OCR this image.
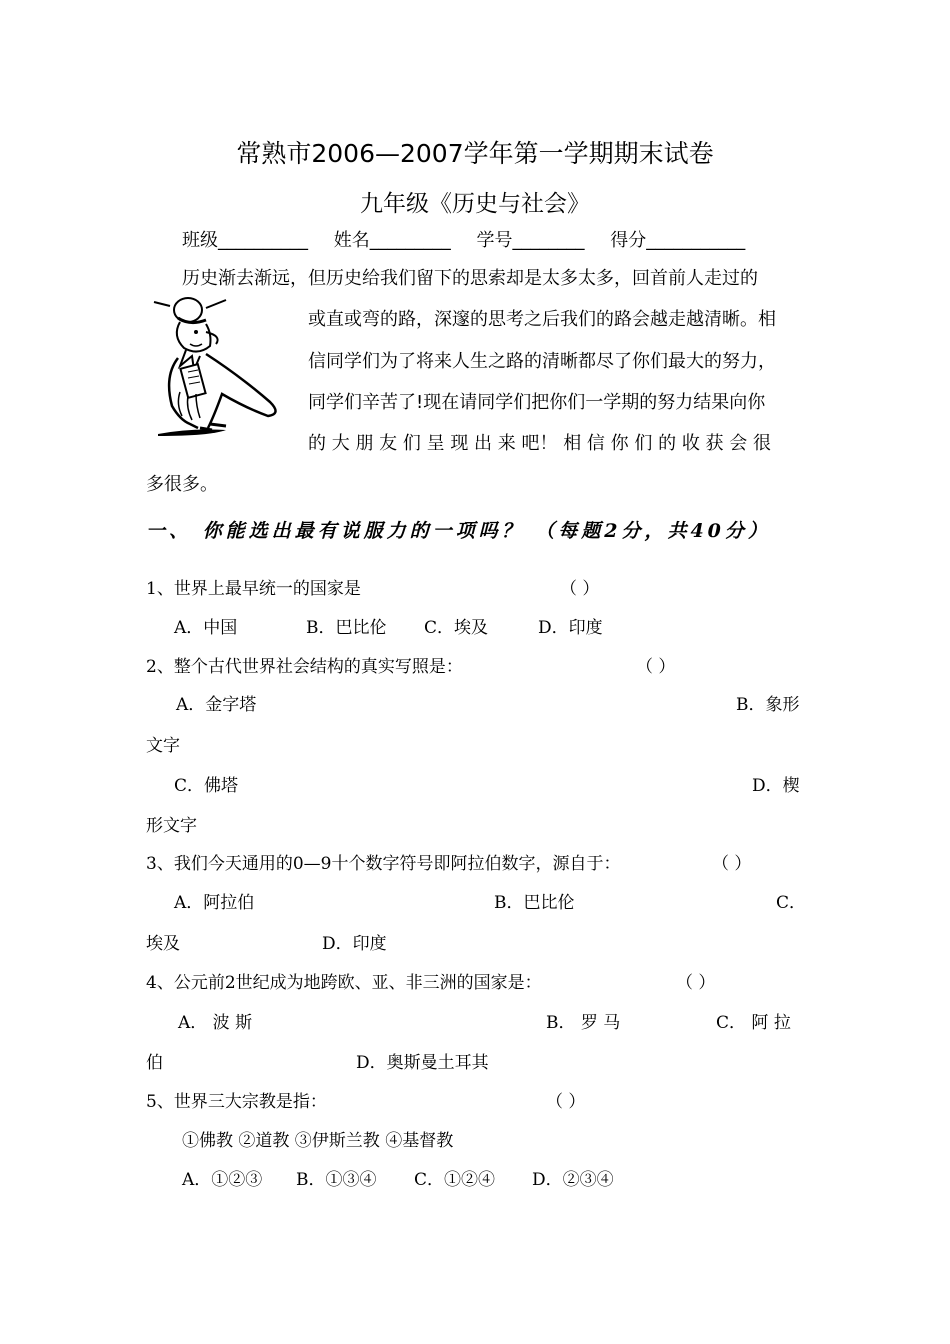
常熟市2006—2007学年第一学期期末试卷
九年级《历史与社会》
班级__________ 姓名_________ 学号________ 得分___________
历史渐去渐远，但历史给我们留下的思索却是太多太多，回首前人走过的
或直或弯的路，深邃的思考之后我们的路会越走越清晰。相
信同学们为了将来人生之路的清晰都尽了你们最大的努力，
同学们辛苦了!现在请同学们把你们一学期的努力结果向你
的 大 朋 友 们 呈 现 出 来 吧！ 相 信 你 们 的 收 获 会 很
多很多。
一、 你能选出最有说服力的一项吗？ （每题2分，共40分）
1、世界上最早统一的国家是	（ ）
A．中国	B．巴比伦 C．埃及	D．印度
2、整个古代世界社会结构的真实写照是：	（ ）
A．金字塔	B．象形
文字
C．佛塔	D．楔
形文字
3、我们今天通用的0—9十个数字符号即阿拉伯数字，源自于：	（ ）
A．阿拉伯	B．巴比伦	C．
埃及	D．印度
4、公元前2世纪成为地跨欧、亚、非三洲的国家是：	（ ）
A． 波 斯	B． 罗 马	C． 阿 拉
伯	D．奥斯曼土耳其
5、世界三大宗教是指：	（ ）
①佛教 ②道教 ③伊斯兰教 ④基督教
A．①②③ B．①③④ C．①②④ D．②③④
